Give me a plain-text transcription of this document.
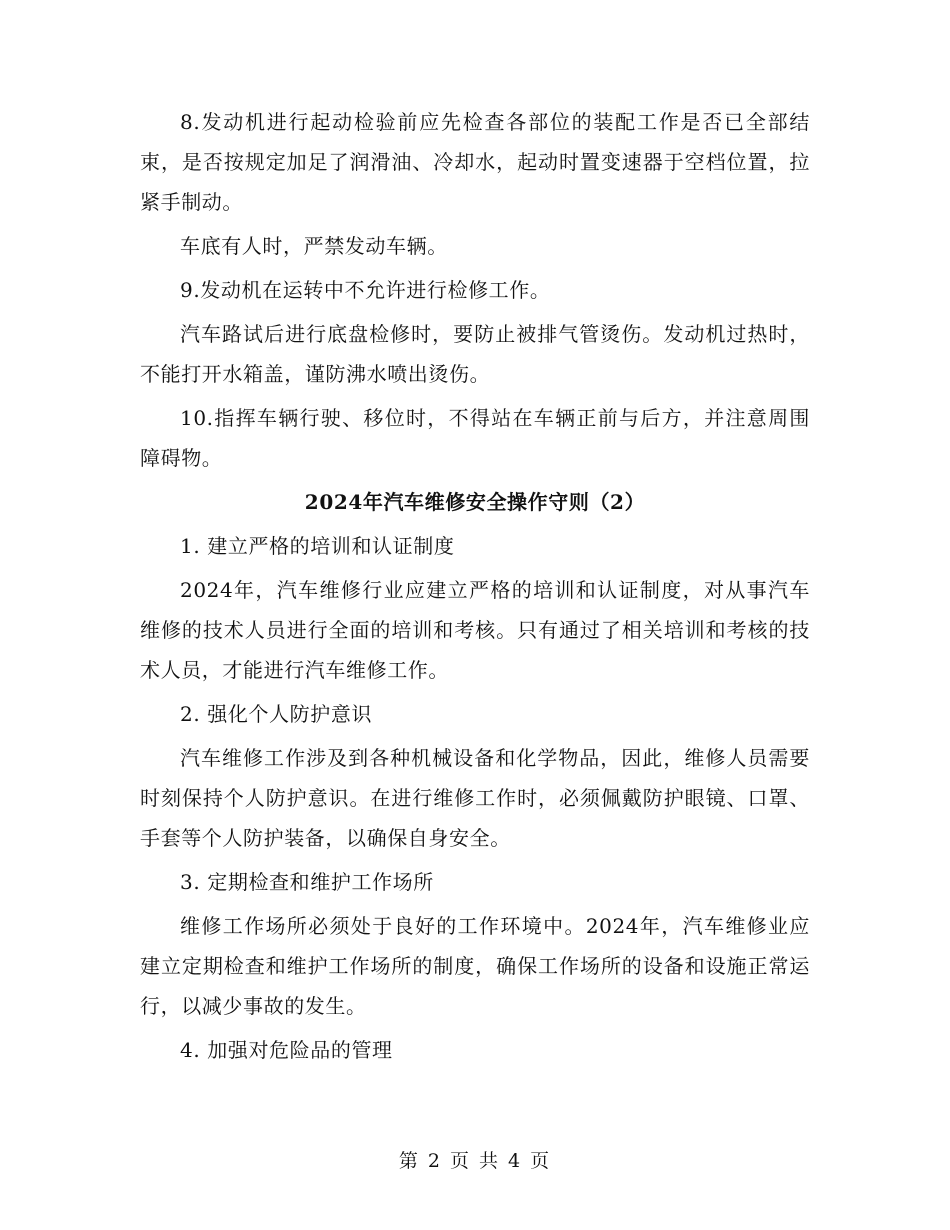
8.发动机进行起动检验前应先检查各部位的装配工作是否已全部结束，是否按规定加足了润滑油、冷却水，起动时置变速器于空档位置，拉紧手制动。

车底有人时，严禁发动车辆。

9.发动机在运转中不允许进行检修工作。

汽车路试后进行底盘检修时，要防止被排气管烫伤。发动机过热时，不能打开水箱盖，谨防沸水喷出烫伤。

10.指挥车辆行驶、移位时，不得站在车辆正前与后方，并注意周围障碍物。

2024年汽车维修安全操作守则（2）

1. 建立严格的培训和认证制度

2024年，汽车维修行业应建立严格的培训和认证制度，对从事汽车维修的技术人员进行全面的培训和考核。只有通过了相关培训和考核的技术人员，才能进行汽车维修工作。

2. 强化个人防护意识

汽车维修工作涉及到各种机械设备和化学物品，因此，维修人员需要时刻保持个人防护意识。在进行维修工作时，必须佩戴防护眼镜、口罩、手套等个人防护装备，以确保自身安全。

3. 定期检查和维护工作场所

维修工作场所必须处于良好的工作环境中。2024年，汽车维修业应建立定期检查和维护工作场所的制度，确保工作场所的设备和设施正常运行，以减少事故的发生。

4. 加强对危险品的管理

第 2 页 共 4 页
